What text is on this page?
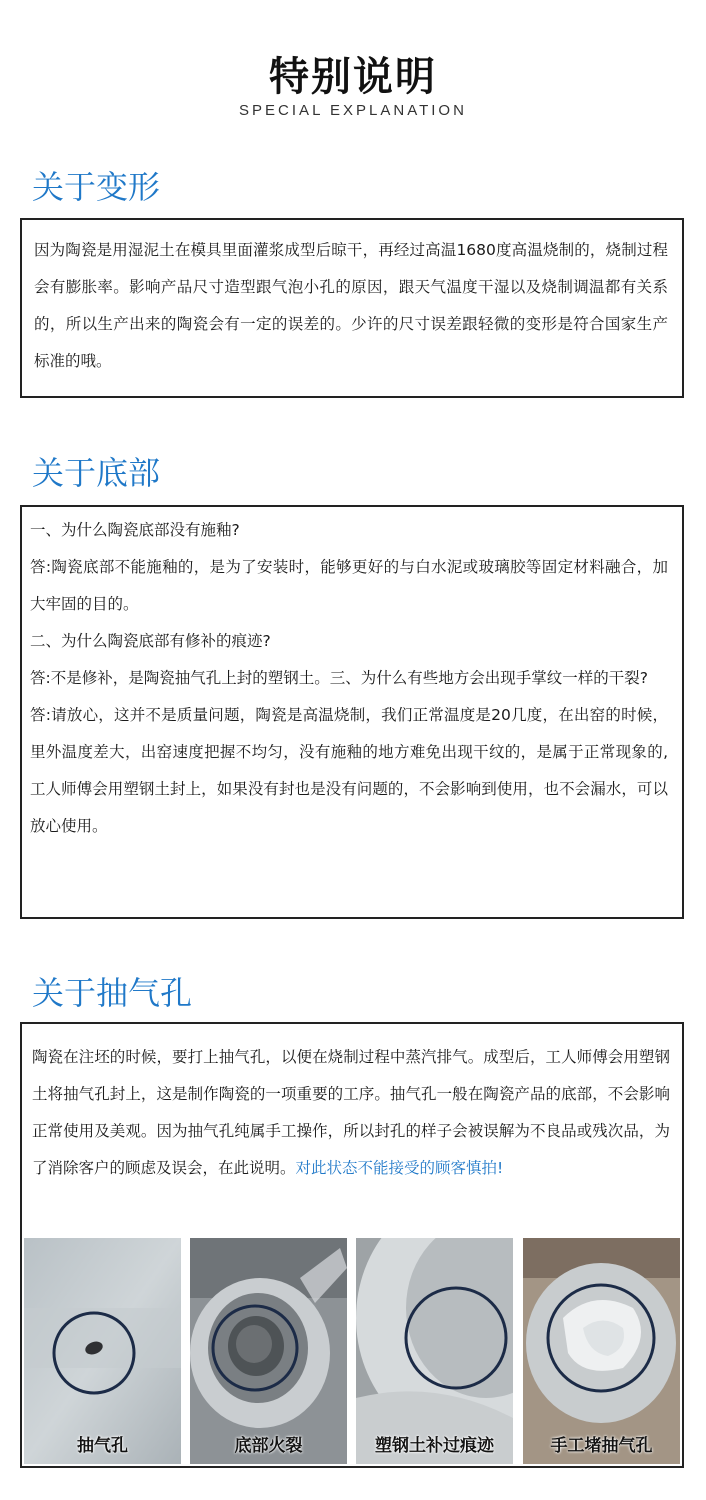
特别说明
SPECIAL EXPLANATION
关于变形

因为陶瓷是用湿泥土在模具里面灌浆成型后晾干，再经过高温1680度高温烧制的，烧制过程会有膨胀率。影响产品尺寸造型跟气泡小孔的原因，跟天气温度干湿以及烧制调温都有关系的，所以生产出来的陶瓷会有一定的误差的。少许的尺寸误差跟轻微的变形是符合国家生产标准的哦。

关于底部

一、为什么陶瓷底部没有施釉?

答:陶瓷底部不能施釉的，是为了安装时，能够更好的与白水泥或玻璃胶等固定材料融合，加大牢固的目的。

二、为什么陶瓷底部有修补的痕迹?

答:不是修补，是陶瓷抽气孔上封的塑钢土。三、为什么有些地方会出现手掌纹一样的干裂?

答:请放心，这并不是质量问题，陶瓷是高温烧制，我们正常温度是20几度，在出窑的时候，里外温度差大，出窑速度把握不均匀，没有施釉的地方难免出现干纹的，是属于正常现象的,工人师傅会用塑钢土封上，如果没有封也是没有问题的，不会影响到使用，也不会漏水，可以放心使用。

关于抽气孔

陶瓷在注坯的时候，要打上抽气孔，以便在烧制过程中蒸汽排气。成型后，工人师傅会用塑钢土将抽气孔封上，这是制作陶瓷的一项重要的工序。抽气孔一般在陶瓷产品的底部，不会影响正常使用及美观。因为抽气孔纯属手工操作，所以封孔的样子会被误解为不良品或残次品，为了消除客户的顾虑及误会，在此说明。对此状态不能接受的顾客慎拍!

抽气孔	底部火裂	塑钢土补过痕迹	手工堵抽气孔
